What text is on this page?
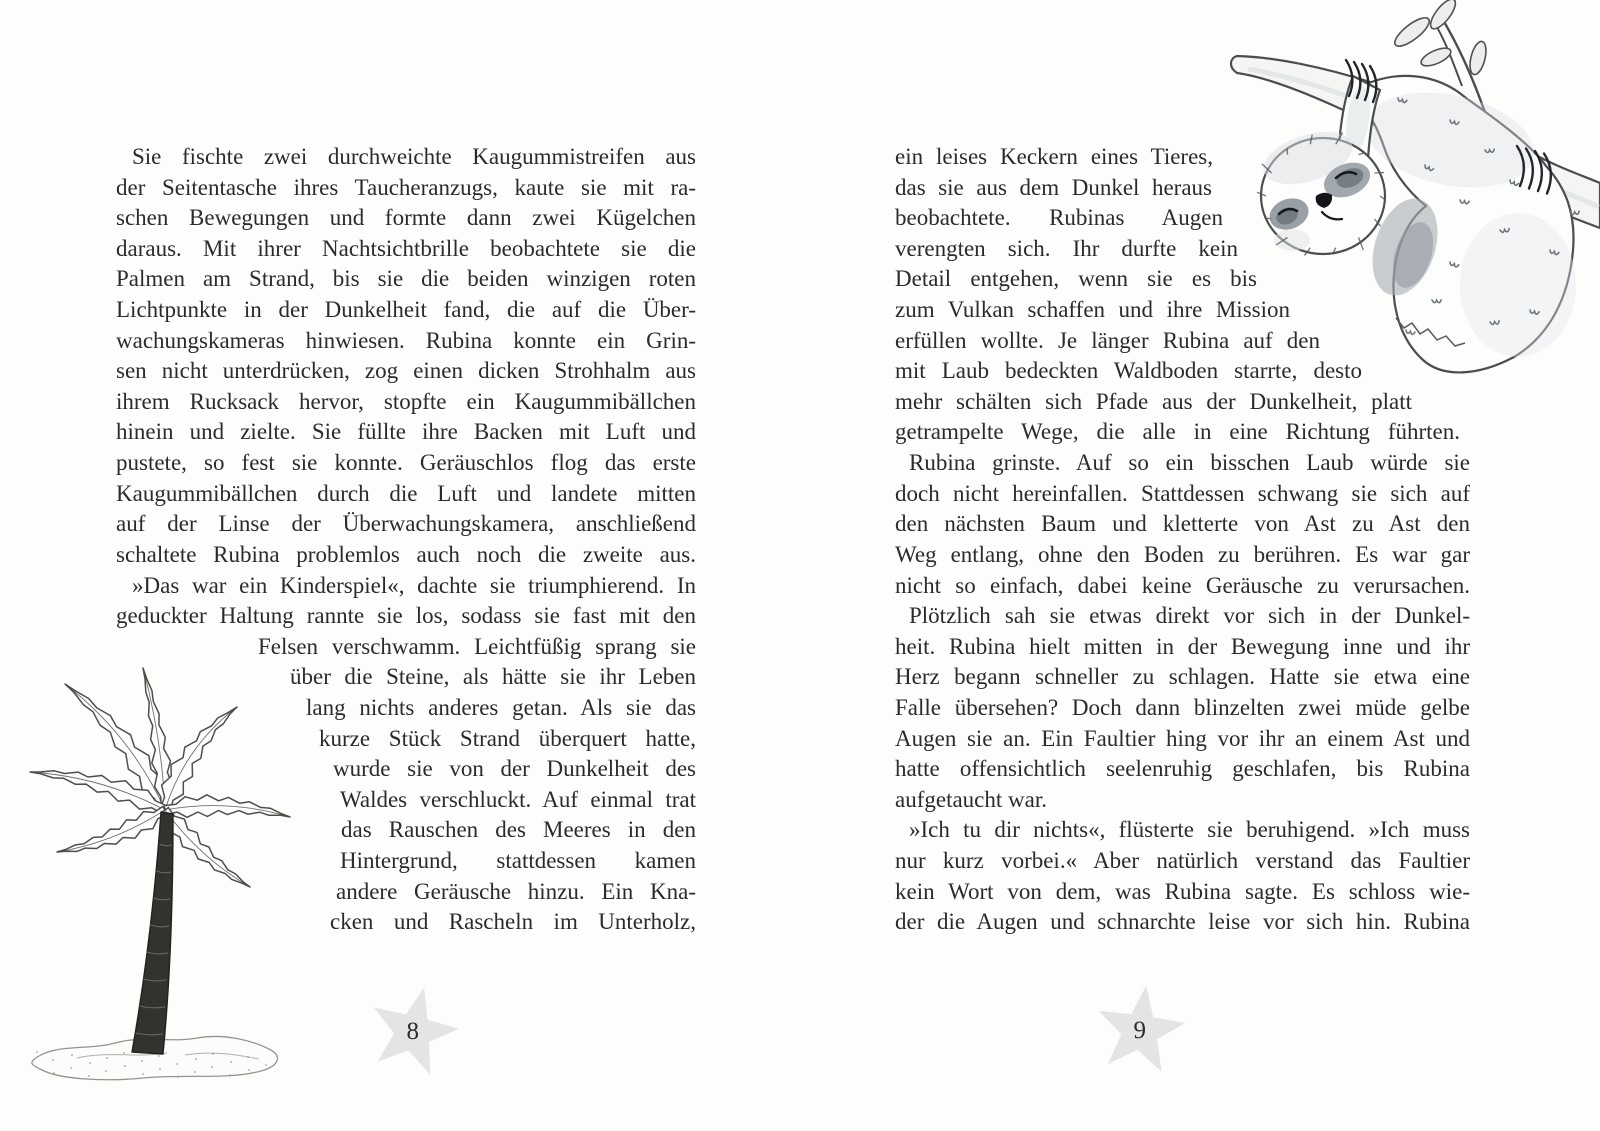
Sie fischte zwei durchweichte Kaugummistreifen aus
der Seitentasche ihres Taucheranzugs, kaute sie mit ra-
schen Bewegungen und formte dann zwei Kügelchen
daraus. Mit ihrer Nachtsichtbrille beobachtete sie die
Palmen am Strand, bis sie die beiden winzigen roten
Lichtpunkte in der Dunkelheit fand, die auf die Über-
wachungskameras hinwiesen. Rubina konnte ein Grin-
sen nicht unterdrücken, zog einen dicken Strohhalm aus
ihrem Rucksack hervor, stopfte ein Kaugummibällchen
hinein und zielte. Sie füllte ihre Backen mit Luft und
pustete, so fest sie konnte. Geräuschlos flog das erste
Kaugummibällchen durch die Luft und landete mitten
auf der Linse der Überwachungskamera, anschließend
schaltete Rubina problemlos auch noch die zweite aus.
»Das war ein Kinderspiel«, dachte sie triumphierend. In
geduckter Haltung rannte sie los, sodass sie fast mit den
Felsen verschwamm. Leichtfüßig sprang sie
über die Steine, als hätte sie ihr Leben
lang nichts anderes getan. Als sie das
kurze Stück Strand überquert hatte,
wurde sie von der Dunkelheit des
Waldes verschluckt. Auf einmal trat
das Rauschen des Meeres in den
Hintergrund, stattdessen kamen
andere Geräusche hinzu. Ein Kna-
cken und Rascheln im Unterholz,
ein leises Keckern eines Tieres,
das sie aus dem Dunkel heraus
beobachtete. Rubinas Augen
verengten sich. Ihr durfte kein
Detail entgehen, wenn sie es bis
zum Vulkan schaffen und ihre Mission
erfüllen wollte. Je länger Rubina auf den
mit Laub bedeckten Waldboden starrte, desto
mehr schälten sich Pfade aus der Dunkelheit, platt
getrampelte Wege, die alle in eine Richtung führten.
Rubina grinste. Auf so ein bisschen Laub würde sie
doch nicht hereinfallen. Stattdessen schwang sie sich auf
den nächsten Baum und kletterte von Ast zu Ast den
Weg entlang, ohne den Boden zu berühren. Es war gar
nicht so einfach, dabei keine Geräusche zu verursachen.
Plötzlich sah sie etwas direkt vor sich in der Dunkel-
heit. Rubina hielt mitten in der Bewegung inne und ihr
Herz begann schneller zu schlagen. Hatte sie etwa eine
Falle übersehen? Doch dann blinzelten zwei müde gelbe
Augen sie an. Ein Faultier hing vor ihr an einem Ast und
hatte offensichtlich seelenruhig geschlafen, bis Rubina
aufgetaucht war.
»Ich tu dir nichts«, flüsterte sie beruhigend. »Ich muss
nur kurz vorbei.« Aber natürlich verstand das Faultier
kein Wort von dem, was Rubina sagte. Es schloss wie-
der die Augen und schnarchte leise vor sich hin. Rubina
8	9
